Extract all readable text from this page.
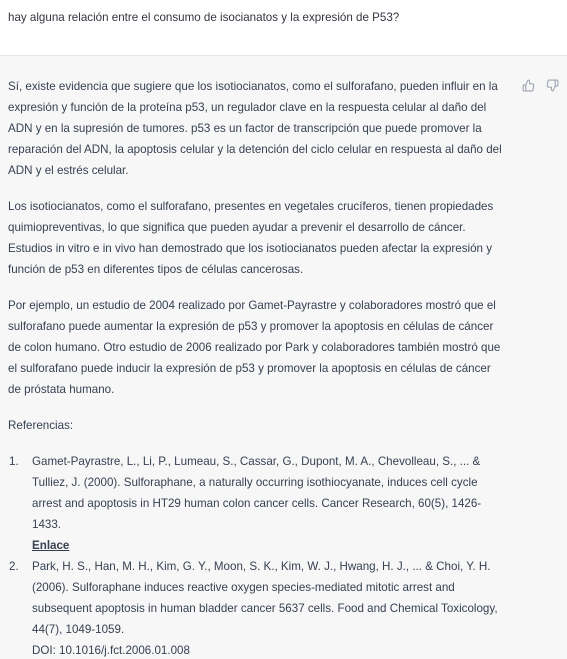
hay alguna relación entre el consumo de isocianatos y la expresión de P53?

Sí, existe evidencia que sugiere que los isotiocianatos, como el sulforafano, pueden influir en la expresión y función de la proteína p53, un regulador clave en la respuesta celular al daño del ADN y en la supresión de tumores. p53 es un factor de transcripción que puede promover la reparación del ADN, la apoptosis celular y la detención del ciclo celular en respuesta al daño del ADN y el estrés celular.

Los isotiocianatos, como el sulforafano, presentes en vegetales crucíferos, tienen propiedades quimiopreventivas, lo que significa que pueden ayudar a prevenir el desarrollo de cáncer. Estudios in vitro e in vivo han demostrado que los isotiocianatos pueden afectar la expresión y función de p53 en diferentes tipos de células cancerosas.

Por ejemplo, un estudio de 2004 realizado por Gamet-Payrastre y colaboradores mostró que el sulforafano puede aumentar la expresión de p53 y promover la apoptosis en células de cáncer de colon humano. Otro estudio de 2006 realizado por Park y colaboradores también mostró que el sulforafano puede inducir la expresión de p53 y promover la apoptosis en células de cáncer de próstata humano.

Referencias:

1.	Gamet-Payrastre, L., Li, P., Lumeau, S., Cassar, G., Dupont, M. A., Chevolleau, S., ... & Tulliez, J. (2000). Sulforaphane, a naturally occurring isothiocyanate, induces cell cycle arrest and apoptosis in HT29 human colon cancer cells. Cancer Research, 60(5), 1426-1433.
Enlace
2.	Park, H. S., Han, M. H., Kim, G. Y., Moon, S. K., Kim, W. J., Hwang, H. J., ... & Choi, Y. H. (2006). Sulforaphane induces reactive oxygen species-mediated mitotic arrest and subsequent apoptosis in human bladder cancer 5637 cells. Food and Chemical Toxicology, 44(7), 1049-1059.
DOI: 10.1016/j.fct.2006.01.008
